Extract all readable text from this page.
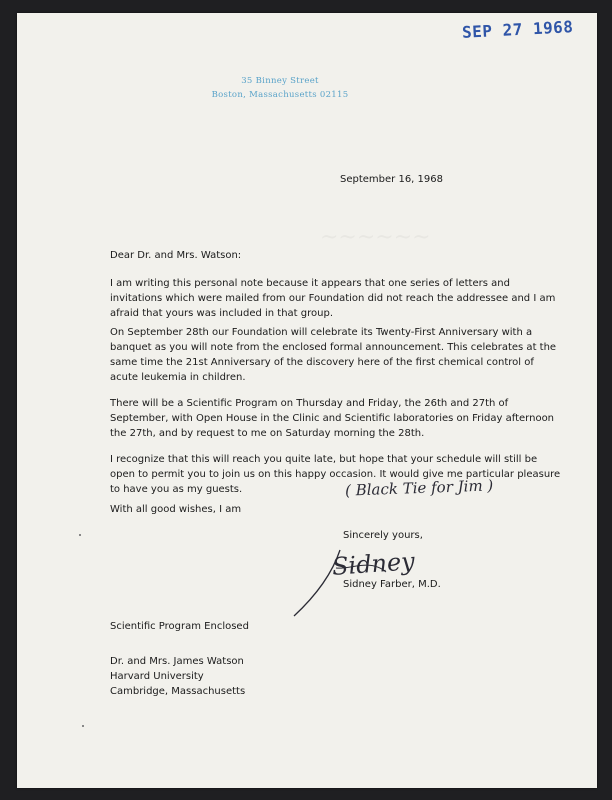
SEP 27 1968
35 Binney Street
Boston, Massachusetts 02115
~~~~~~

September 16, 1968

Dear Dr. and Mrs. Watson:

I am writing this personal note because it appears that one series of letters and invitations which were mailed from our Foundation did not reach the addressee and I am afraid that yours was included in that group.

On September 28th our Foundation will celebrate its Twenty-First Anniversary with a banquet as you will note from the enclosed formal announcement. This celebrates at the same time the 21st Anniversary of the discovery here of the first chemical control of acute leukemia in children.

There will be a Scientific Program on Thursday and Friday, the 26th and 27th of September, with Open House in the Clinic and Scientific laboratories on Friday afternoon the 27th, and by request to me on Saturday morning the 28th.

I recognize that this will reach you quite late, but hope that your schedule will still be open to permit you to join us on this happy occasion. It would give me particular pleasure to have you as my guests.	( Black Tie for Jim )

With all good wishes, I am

Sincerely yours,

Sidney

Sidney Farber, M.D.

Scientific Program Enclosed

Dr. and Mrs. James Watson
Harvard University
Cambridge, Massachusetts
